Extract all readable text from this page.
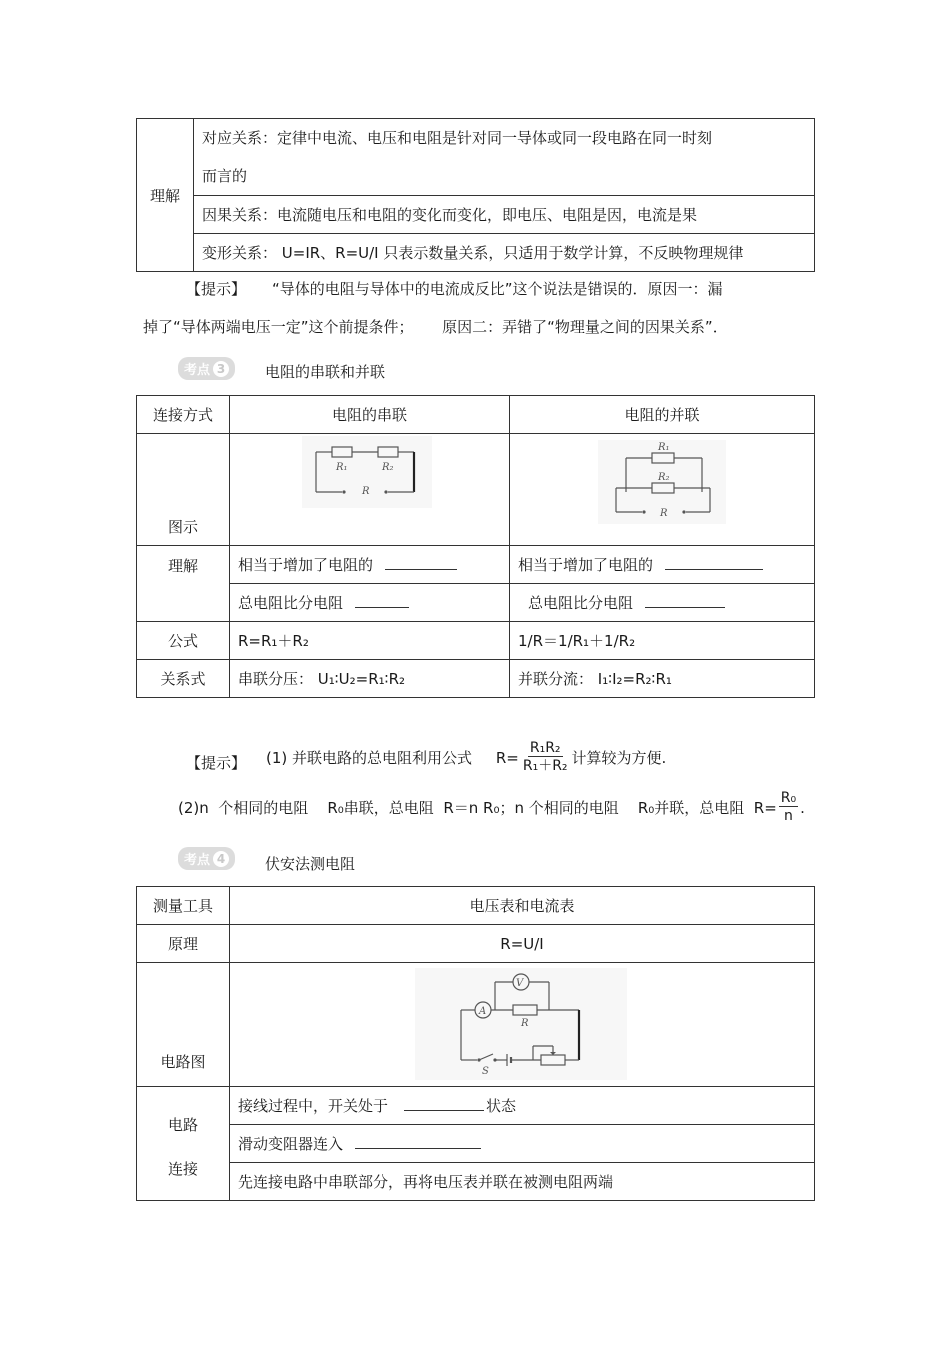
理解	
对应关系：定律中电流、电压和电阻是针对同一导体或同一段电路在同一时刻
而言的

因果关系：电流随电压和电阻的变化而变化，即电压、电阻是因，电流是果
变形关系： U=IR、R=U/I 只表示数量关系，只适用于数学计算，不反映物理规律
【提示】 “导体的电阻与导体中的电流成反比”这个说法是错误的．原因一：漏
掉了“导体两端电压一定”这个前提条件；      原因二：弄错了“物理量之间的因果关系”．
考点 3	电阻的串联和并联
连接方式	电阻的串联	电阻的并联
图示	R₁ R₂
R	R₁
R₂
R

理解	相当于增加了电阻的	相当于增加了电阻的
	总电阻比分电阻	总电阻比分电阻
公式	R=R₁＋R₂	1/R＝1/R₁＋1/R₂
关系式	串联分压： U₁∶U₂=R₁∶R₂	并联分流： I₁∶I₂=R₂∶R₁
【提示】 (1) 并联电路的总电阻利用公式     $R= \frac{\text{R₁R₂}}{\text{R₁＋R₂}}$ 计算较为方便.
(2)n  个相同的电阻    R₀串联，总电阻  R＝n R₀；n 个相同的电阻    R₀并联，总电阻  $R= \frac{\text{R₀}}{n}$ .
考点 4	伏安法测电阻
测量工具	电压表和电流表
原理	R=U/I
电路图	V
A
R
S

电路
连接	接线过程中，开关处于 状态
	滑动变阻器连入
	先连接电路中串联部分，再将电压表并联在被测电阻两端
